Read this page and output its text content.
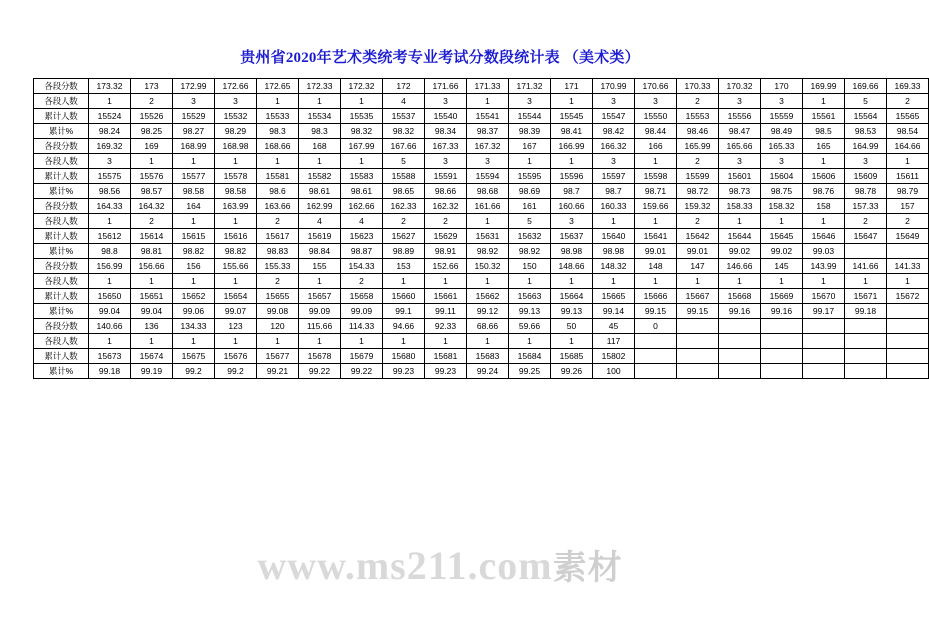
贵州省2020年艺术类统考专业考试分数段统计表 （美术类）
各段分数	173.32	173	172.99	172.66	172.65	172.33	172.32	172	171.66	171.33	171.32	171	170.99	170.66	170.33	170.32	170	169.99	169.66	169.33
各段人数	1	2	3	3	1	1	1	4	3	1	3	1	3	3	2	3	3	1	5	2
累计人数	15524	15526	15529	15532	15533	15534	15535	15537	15540	15541	15544	15545	15547	15550	15553	15556	15559	15561	15564	15565
累计%	98.24	98.25	98.27	98.29	98.3	98.3	98.32	98.32	98.34	98.37	98.39	98.41	98.42	98.44	98.46	98.47	98.49	98.5	98.53	98.54
各段分数	169.32	169	168.99	168.98	168.66	168	167.99	167.66	167.33	167.32	167	166.99	166.32	166	165.99	165.66	165.33	165	164.99	164.66
各段人数	3	1	1	1	1	1	1	5	3	3	1	1	3	1	2	3	3	1	3	1
累计人数	15575	15576	15577	15578	15581	15582	15583	15588	15591	15594	15595	15596	15597	15598	15599	15601	15604	15606	15609	15611
累计%	98.56	98.57	98.58	98.58	98.6	98.61	98.61	98.65	98.66	98.68	98.69	98.7	98.7	98.71	98.72	98.73	98.75	98.76	98.78	98.79
各段分数	164.33	164.32	164	163.99	163.66	162.99	162.66	162.33	162.32	161.66	161	160.66	160.33	159.66	159.32	158.33	158.32	158	157.33	157
各段人数	1	2	1	1	2	4	4	2	2	1	5	3	1	1	2	1	1	1	2	2
累计人数	15612	15614	15615	15616	15617	15619	15623	15627	15629	15631	15632	15637	15640	15641	15642	15644	15645	15646	15647	15649
累计%	98.8	98.81	98.82	98.82	98.83	98.84	98.87	98.89	98.91	98.92	98.92	98.98	98.98	99.01	99.01	99.02	99.02	99.03		
各段分数	156.99	156.66	156	155.66	155.33	155	154.33	153	152.66	150.32	150	148.66	148.32	148	147	146.66	145	143.99	141.66	141.33
各段人数	1	1	1	1	2	1	2	1	1	1	1	1	1	1	1	1	1	1	1	1
累计人数	15650	15651	15652	15654	15655	15657	15658	15660	15661	15662	15663	15664	15665	15666	15667	15668	15669	15670	15671	15672
累计%	99.04	99.04	99.06	99.07	99.08	99.09	99.09	99.1	99.11	99.12	99.13	99.13	99.14	99.15	99.15	99.16	99.16	99.17	99.18	
各段分数	140.66	136	134.33	123	120	115.66	114.33	94.66	92.33	68.66	59.66	50	45	0						
各段人数	1	1	1	1	1	1	1	1	1	1	1	1	117							
累计人数	15673	15674	15675	15676	15677	15678	15679	15680	15681	15683	15684	15685	15802							
累计%	99.18	99.19	99.2	99.2	99.21	99.22	99.22	99.23	99.23	99.24	99.25	99.26	100							
www.ms211.com素材
